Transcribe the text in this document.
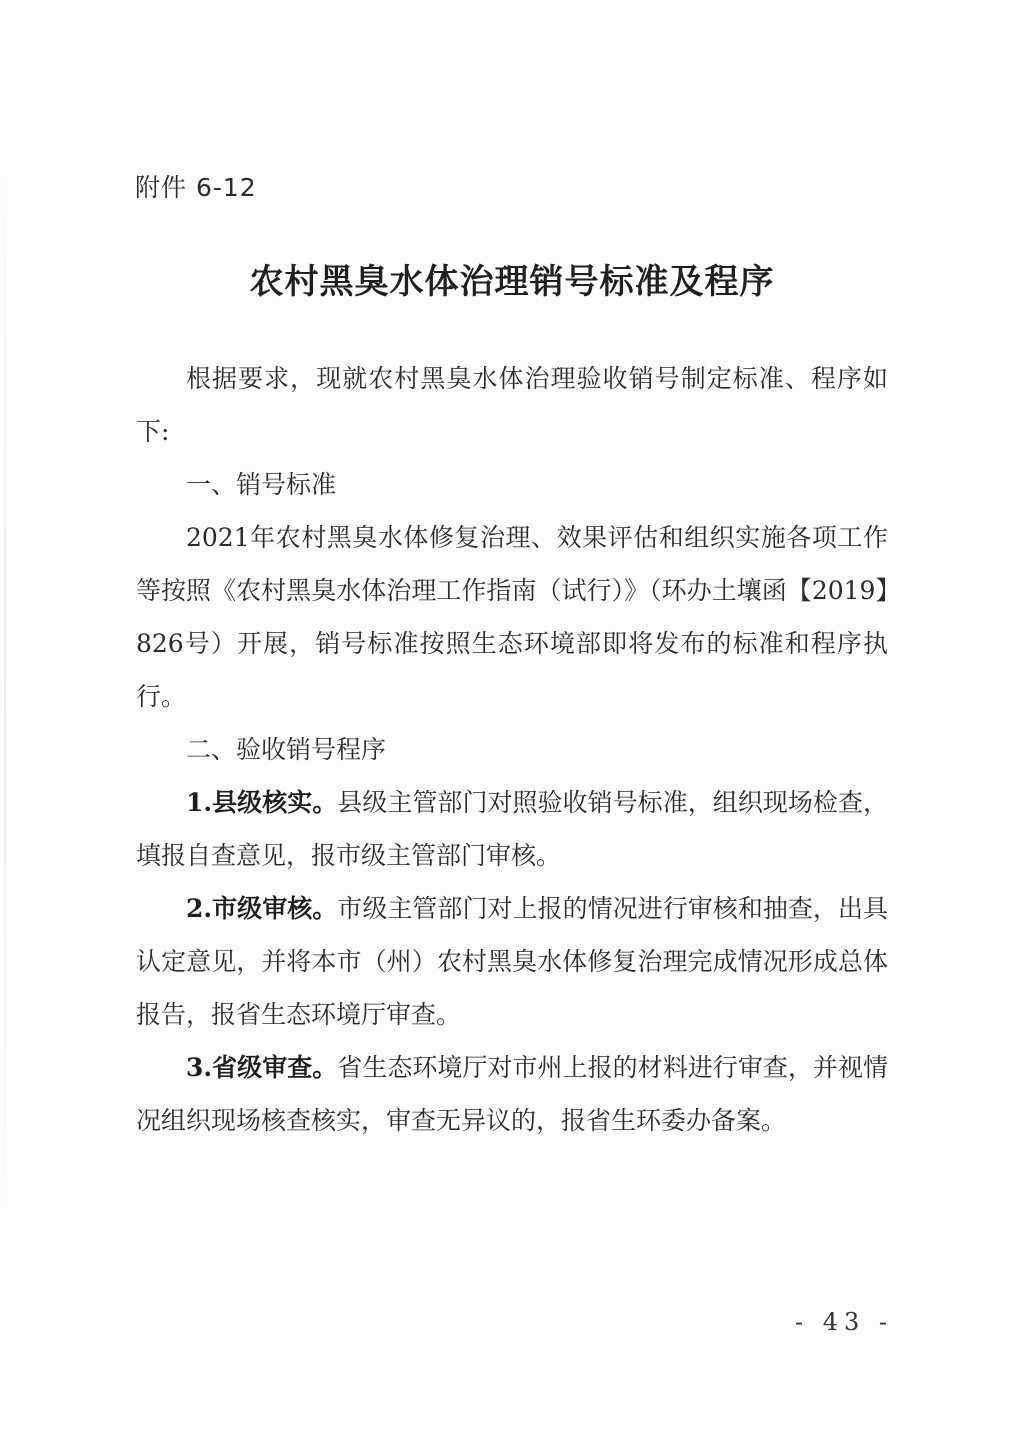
附件 6-12
农村黑臭水体治理销号标准及程序

根据要求，现就农村黑臭水体治理验收销号制定标准、程序如下:

一、销号标准

2021年农村黑臭水体修复治理、效果评估和组织实施各项工作等按照《农村黑臭水体治理工作指南（试行）》（环办土壤函【2019】826号）开展，销号标准按照生态环境部即将发布的标准和程序执行。

二、验收销号程序

1.县级核实。县级主管部门对照验收销号标准，组织现场检查，填报自查意见，报市级主管部门审核。

2.市级审核。市级主管部门对上报的情况进行审核和抽查，出具认定意见，并将本市（州）农村黑臭水体修复治理完成情况形成总体报告，报省生态环境厅审查。

3.省级审查。省生态环境厅对市州上报的材料进行审查，并视情况组织现场核查核实，审查无异议的，报省生环委办备案。

- 43 -
